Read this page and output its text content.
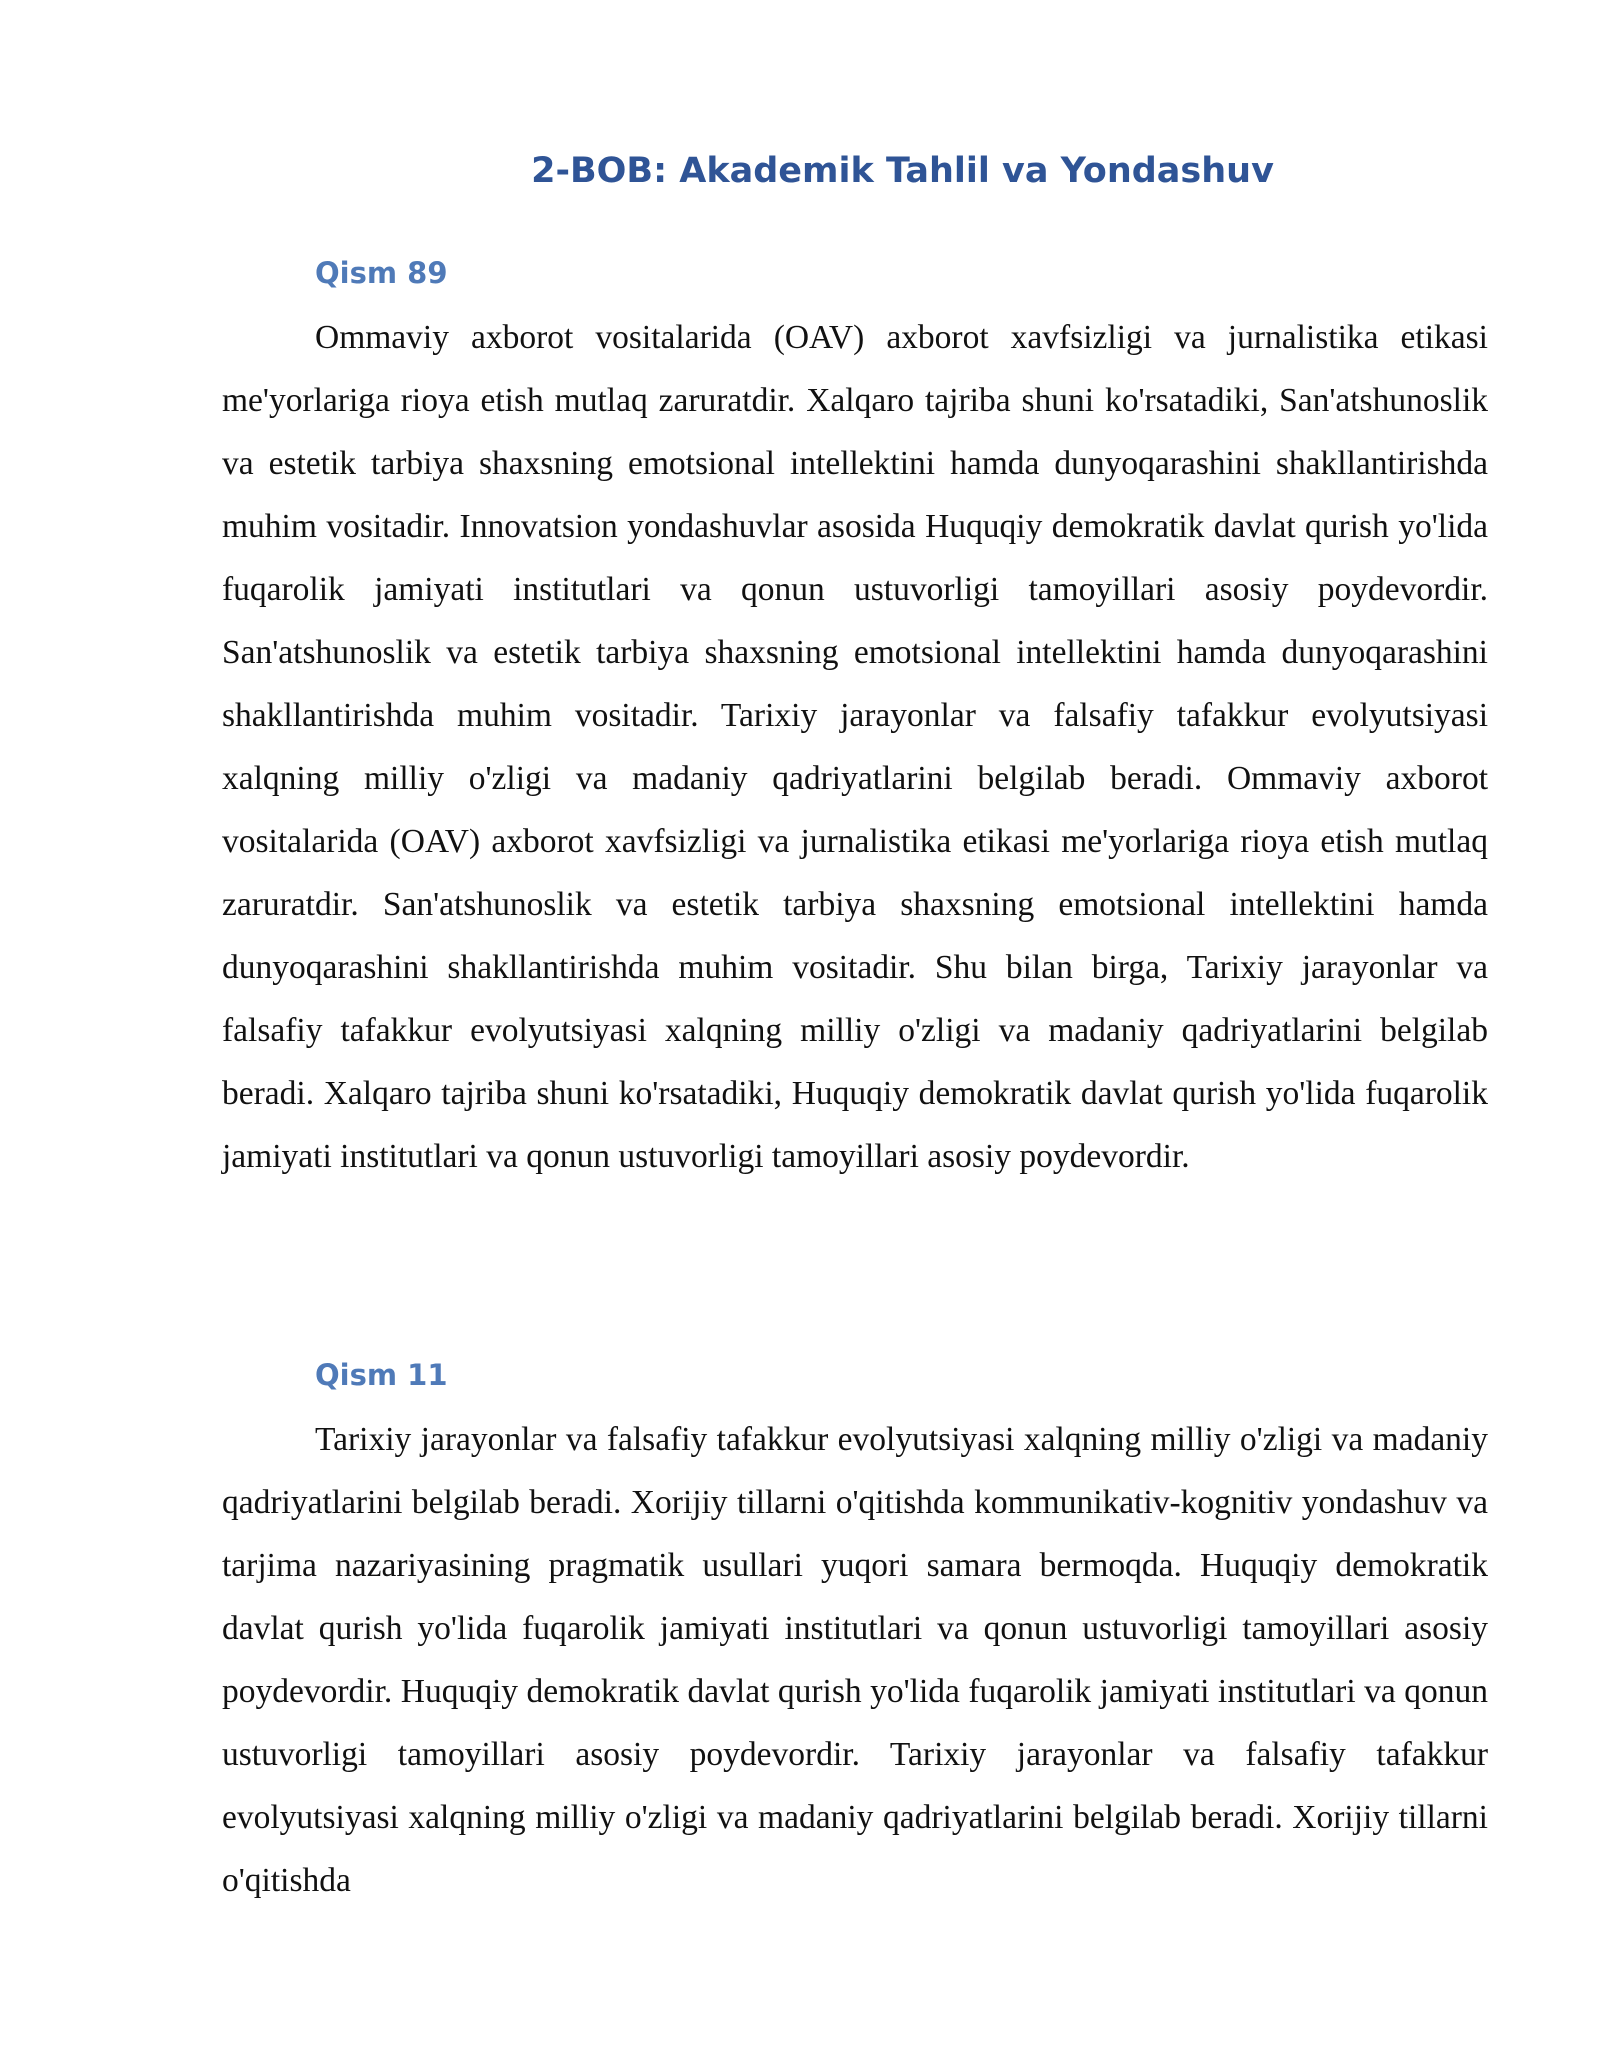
2-BOB: Akademik Tahlil va Yondashuv
Qism 89

Ommaviy axborot vositalarida (OAV) axborot xavfsizligi va jurnalistika etikasi me'yorlariga rioya etish mutlaq zaruratdir. Xalqaro tajriba shuni ko'rsatadiki, San'atshunoslik va estetik tarbiya shaxsning emotsional intellektini hamda dunyoqarashini shakllantirishda muhim vositadir. Innovatsion yondashuvlar asosida Huquqiy demokratik davlat qurish yo'lida fuqarolik jamiyati institutlari va qonun ustuvorligi tamoyillari asosiy poydevordir. San'atshunoslik va estetik tarbiya shaxsning emotsional intellektini hamda dunyoqarashini shakllantirishda muhim vositadir. Tarixiy jarayonlar va falsafiy tafakkur evolyutsiyasi xalqning milliy o'zligi va madaniy qadriyatlarini belgilab beradi. Ommaviy axborot vositalarida (OAV) axborot xavfsizligi va jurnalistika etikasi me'yorlariga rioya etish mutlaq zaruratdir. San'atshunoslik va estetik tarbiya shaxsning emotsional intellektini hamda dunyoqarashini shakllantirishda muhim vositadir. Shu bilan birga, Tarixiy jarayonlar va falsafiy tafakkur evolyutsiyasi xalqning milliy o'zligi va madaniy qadriyatlarini belgilab beradi. Xalqaro tajriba shuni ko'rsatadiki, Huquqiy demokratik davlat qurish yo'lida fuqarolik jamiyati institutlari va qonun ustuvorligi tamoyillari asosiy poydevordir.

Qism 11

Tarixiy jarayonlar va falsafiy tafakkur evolyutsiyasi xalqning milliy o'zligi va madaniy qadriyatlarini belgilab beradi. Xorijiy tillarni o'qitishda kommunikativ-kognitiv yondashuv va tarjima nazariyasining pragmatik usullari yuqori samara bermoqda. Huquqiy demokratik davlat qurish yo'lida fuqarolik jamiyati institutlari va qonun ustuvorligi tamoyillari asosiy poydevordir. Huquqiy demokratik davlat qurish yo'lida fuqarolik jamiyati institutlari va qonun ustuvorligi tamoyillari asosiy poydevordir. Tarixiy jarayonlar va falsafiy tafakkur evolyutsiyasi xalqning milliy o'zligi va madaniy qadriyatlarini belgilab beradi. Xorijiy tillarni o'qitishda
